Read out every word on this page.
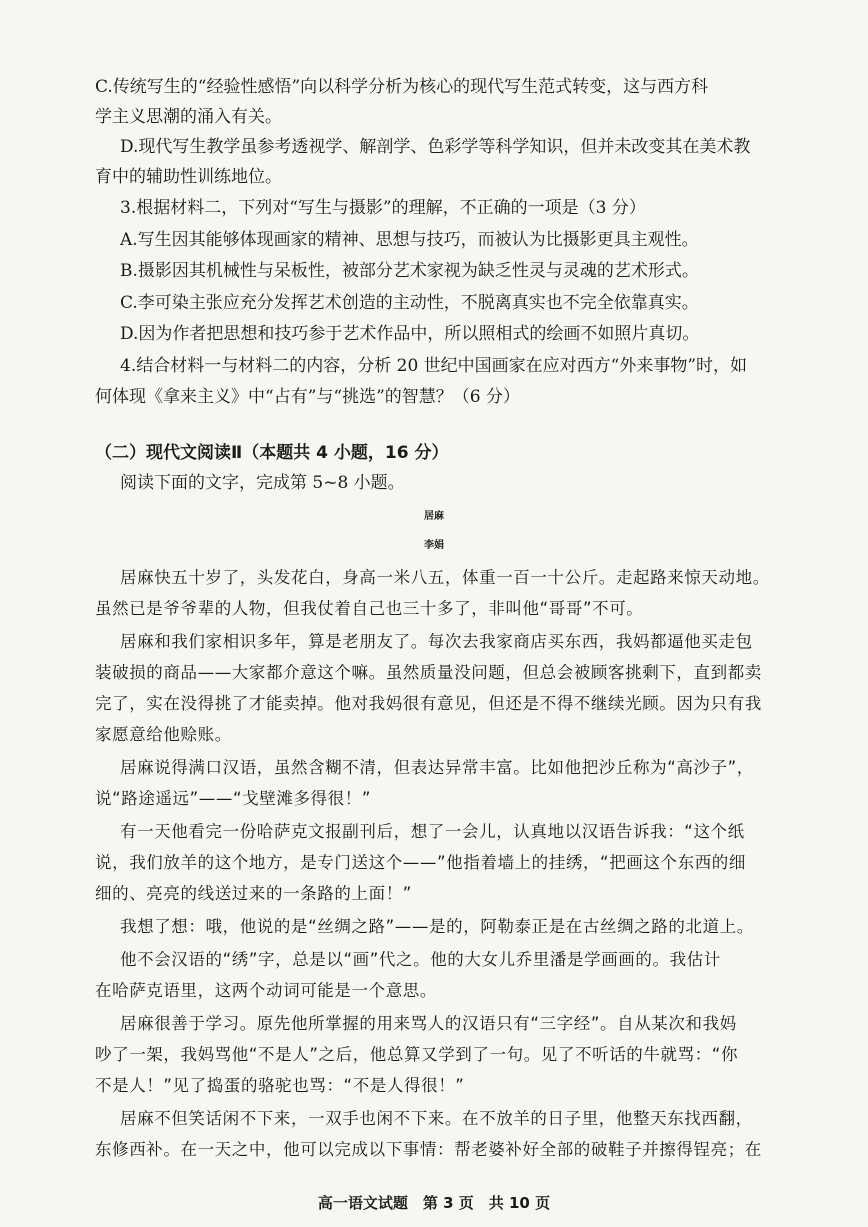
C.传统写生的“经验性感悟”向以科学分析为核心的现代写生范式转变，这与西方科
学主义思潮的涌入有关。
D.现代写生教学虽参考透视学、解剖学、色彩学等科学知识，但并未改变其在美术教
育中的辅助性训练地位。
3.根据材料二，下列对“写生与摄影”的理解，不正确的一项是（3 分）
A.写生因其能够体现画家的精神、思想与技巧，而被认为比摄影更具主观性。
B.摄影因其机械性与呆板性，被部分艺术家视为缺乏性灵与灵魂的艺术形式。
C.李可染主张应充分发挥艺术创造的主动性，不脱离真实也不完全依靠真实。
D.因为作者把思想和技巧参于艺术作品中，所以照相式的绘画不如照片真切。
4.结合材料一与材料二的内容，分析 20 世纪中国画家在应对西方“外来事物”时，如
何体现《拿来主义》中“占有”与“挑选”的智慧？（6 分）
（二）现代文阅读Ⅱ（本题共 4 小题，16 分）
阅读下面的文字，完成第 5~8 小题。
居麻
李娟
居麻快五十岁了，头发花白，身高一米八五，体重一百一十公斤。走起路来惊天动地。
虽然已是爷爷辈的人物，但我仗着自己也三十多了，非叫他“哥哥”不可。
居麻和我们家相识多年，算是老朋友了。每次去我家商店买东西，我妈都逼他买走包
装破损的商品——大家都介意这个嘛。虽然质量没问题，但总会被顾客挑剩下，直到都卖
完了，实在没得挑了才能卖掉。他对我妈很有意见，但还是不得不继续光顾。因为只有我
家愿意给他赊账。
居麻说得满口汉语，虽然含糊不清，但表达异常丰富。比如他把沙丘称为“高沙子”，
说“路途遥远”——“戈壁滩多得很！”
有一天他看完一份哈萨克文报副刊后，想了一会儿，认真地以汉语告诉我：“这个纸
说，我们放羊的这个地方，是专门送这个——”他指着墙上的挂绣，“把画这个东西的细
细的、亮亮的线送过来的一条路的上面！”
我想了想：哦，他说的是“丝绸之路”——是的，阿勒泰正是在古丝绸之路的北道上。
他不会汉语的“绣”字，总是以“画”代之。他的大女儿乔里潘是学画画的。我估计
在哈萨克语里，这两个动词可能是一个意思。
居麻很善于学习。原先他所掌握的用来骂人的汉语只有“三字经”。自从某次和我妈
吵了一架，我妈骂他“不是人”之后，他总算又学到了一句。见了不听话的牛就骂：“你
不是人！”见了捣蛋的骆驼也骂：“不是人得很！”
居麻不但笑话闲不下来，一双手也闲不下来。在不放羊的日子里，他整天东找西翻，
东修西补。在一天之中，他可以完成以下事情：帮老婆补好全部的破鞋子并擦得锃亮；在
高一语文试题　第 3 页　共 10 页
